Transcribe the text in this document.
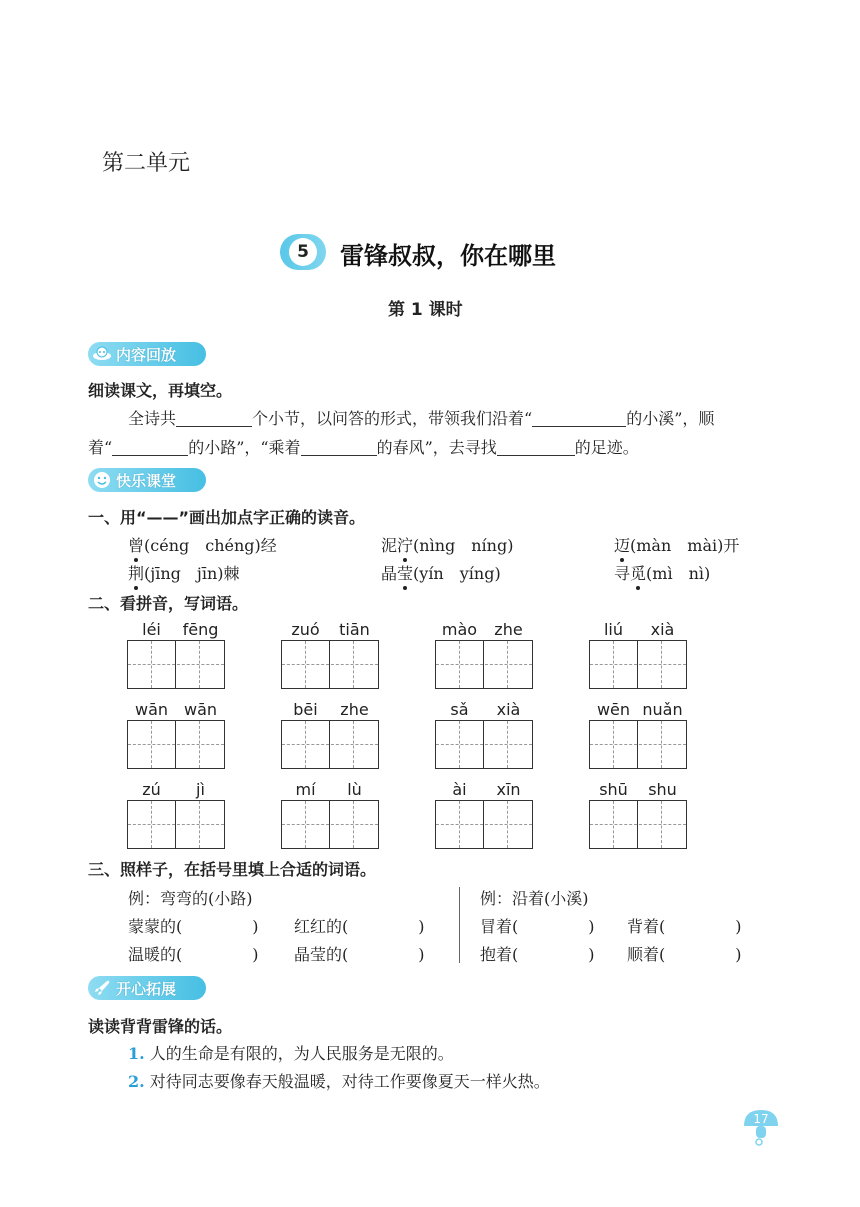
第二单元
5	雷锋叔叔，你在哪里
第 1 课时
内容回放
细读课文，再填空。
全诗共	个小节，以问答的形式，带领我们沿着“	的小溪”，顺
着“	的小路”，“乘着	的春风”，去寻找	的足迹。
快乐课堂
一、用“——”画出加点字正确的读音。
曾(céng　chéng)经	泥泞(nìng　níng)	迈(màn　mài)开
荆(jīng　jīn)棘	晶莹(yín　yíng)	寻觅(mì　nì)
二、看拼音，写词语。
léi	fēng	zuó	tiān	mào	zhe	liú	xià
wān wān	bēi	zhe	sǎ	xià	wēn nuǎn
zú	jì	mí	lù	ài	xīn	shū	shu
三、照样子，在括号里填上合适的词语。
例：弯弯的(小路)
蒙蒙的(	) 红红的(	)
温暖的(	) 晶莹的(	)
例：沿着(小溪)
冒着(	) 背着(	)
抱着(	) 顺着(	)
开心拓展
读读背背雷锋的话。
1. 人的生命是有限的，为人民服务是无限的。
2. 对待同志要像春天般温暖，对待工作要像夏天一样火热。
17
